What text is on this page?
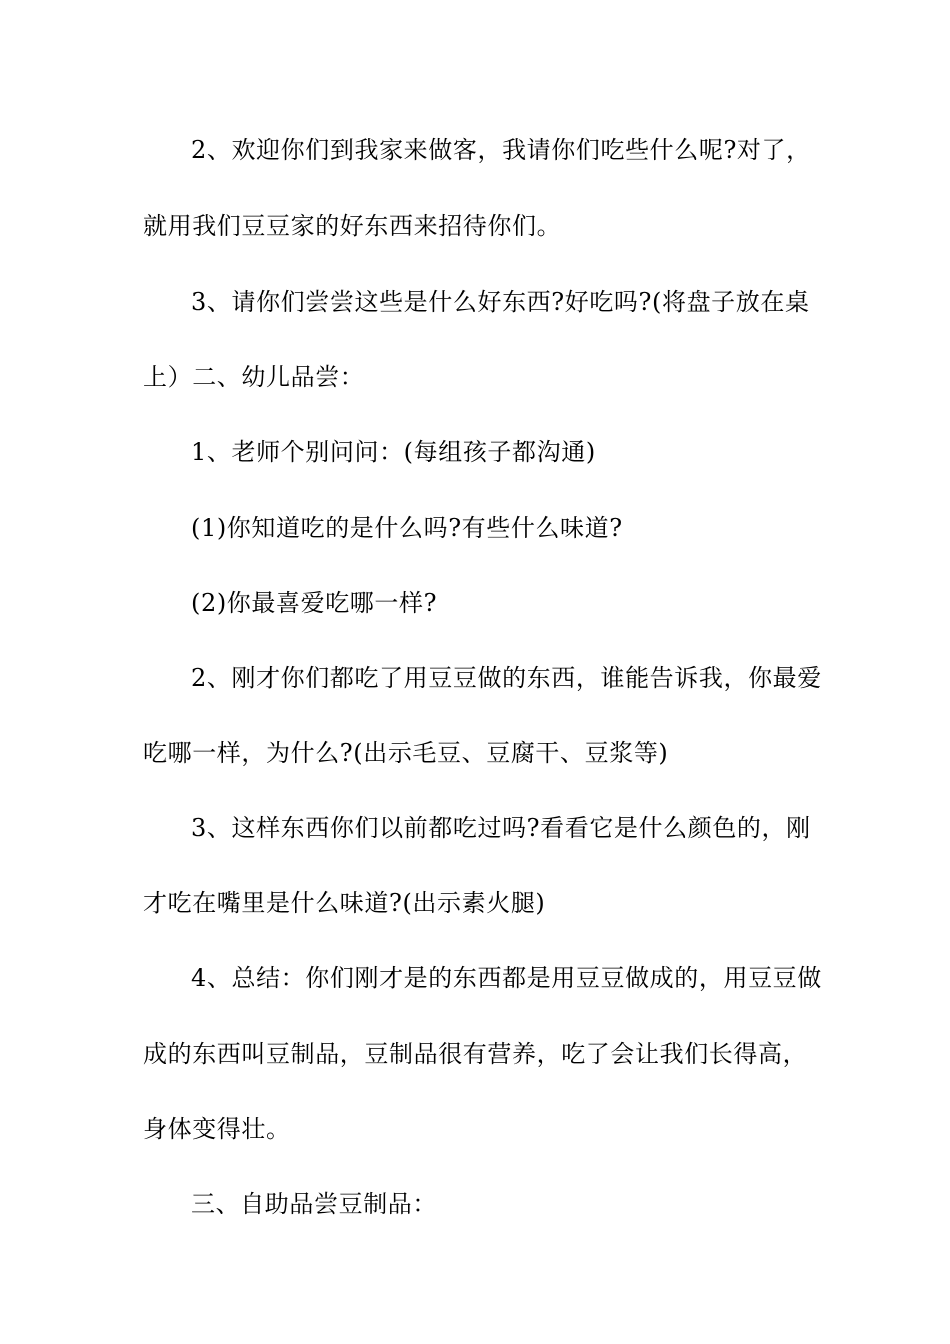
2、欢迎你们到我家来做客，我请你们吃些什么呢?对了，
就用我们豆豆家的好东西来招待你们。
3、请你们尝尝这些是什么好东西?好吃吗?(将盘子放在桌
上）二、幼儿品尝：
1、老师个别问问：(每组孩子都沟通)
(1)你知道吃的是什么吗?有些什么味道?
(2)你最喜爱吃哪一样?
2、刚才你们都吃了用豆豆做的东西，谁能告诉我，你最爱
吃哪一样，为什么?(出示毛豆、豆腐干、豆浆等)
3、这样东西你们以前都吃过吗?看看它是什么颜色的，刚
才吃在嘴里是什么味道?(出示素火腿)
4、总结：你们刚才是的东西都是用豆豆做成的，用豆豆做
成的东西叫豆制品，豆制品很有营养，吃了会让我们长得高，
身体变得壮。
三、自助品尝豆制品：
